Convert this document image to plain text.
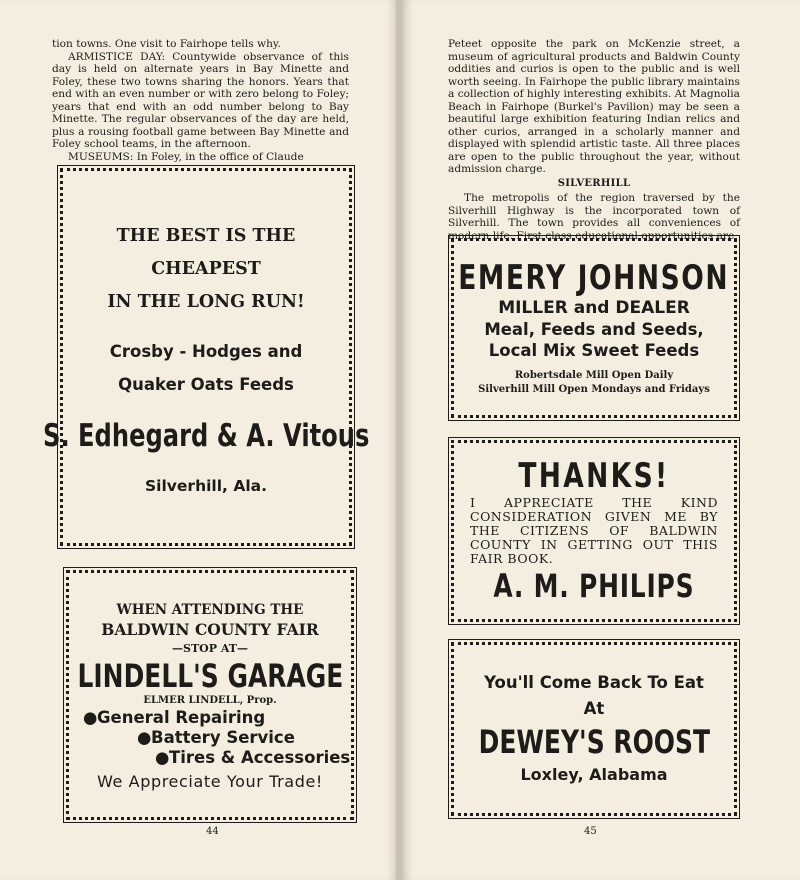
tion towns. One visit to Fairhope tells why.

ARMISTICE DAY: Countywide observance of this day is held on alternate years in Bay Minette and Foley, these two towns sharing the honors. Years that end with an even number or with zero belong to Foley; years that end with an odd number belong to Bay Minette. The regular observances of the day are held, plus a rousing football game between Bay Minette and Foley school teams, in the afternoon.

MUSEUMS: In Foley, in the office of Claude

THE BEST IS THE CHEAPEST
IN THE LONG RUN!
Crosby - Hodges and
Quaker Oats Feeds
S. Edhegard & A. Vitous
Silverhill, Ala.
WHEN ATTENDING THE
BALDWIN COUNTY FAIR
—STOP AT—
LINDELL'S GARAGE
ELMER LINDELL, Prop.
●General Repairing
●Battery Service
●Tires & Accessories
We Appreciate Your Trade!
44

Peteet opposite the park on McKenzie street, a museum of agricultural products and Baldwin County oddities and curios is open to the public and is well worth seeing. In Fairhope the public library maintains a collection of highly interesting exhibits. At Magnolia Beach in Fairhope (Burkel's Pavilion) may be seen a beautiful large exhibition featuring Indian relics and other curios, arranged in a scholarly manner and displayed with splendid artistic taste. All three places are open to the public throughout the year, without admission charge.

SILVERHILL

The metropolis of the region traversed by the Silverhill Highway is the incorporated town of Silverhill. The town provides all conveniences of modern life. First class educational opportunities are

EMERY JOHNSON
MILLER and DEALER
Meal, Feeds and Seeds,
Local Mix Sweet Feeds
Robertsdale Mill Open Daily
Silverhill Mill Open Mondays and Fridays
THANKS!
I APPRECIATE THE KIND CONSIDERATION GIVEN ME BY THE CITIZENS OF BALDWIN COUNTY IN GETTING OUT THIS FAIR BOOK.
A. M. PHILIPS
You'll Come Back To Eat
At
DEWEY'S ROOST
Loxley, Alabama
45
